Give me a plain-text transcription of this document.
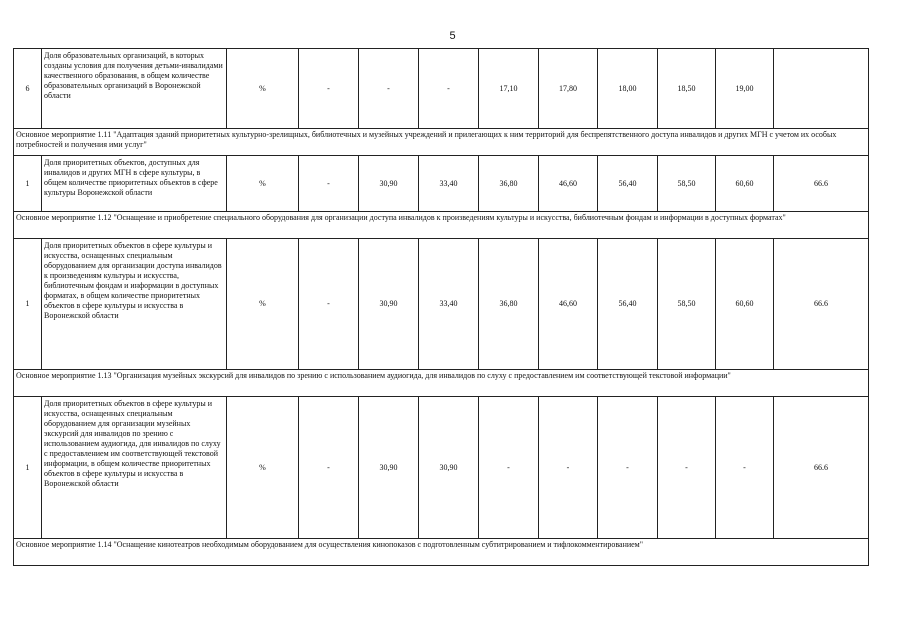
5
6	Доля образовательных организаций, в которых созданы условия для получения детьми-инвалидами качественного образования, в общем количестве образовательных организаций в Воронежской области	%	-	-	-	17,10	17,80	18,00	18,50	19,00	
Основное мероприятие 1.11 "Адаптация зданий приоритетных культурно-зрелищных, библиотечных и музейных учреждений и прилегающих к ним территорий для беспрепятственного доступа инвалидов и других МГН с учетом их особых потребностей и получения ими услуг"											
1	Доля приоритетных объектов, доступных для инвалидов и других МГН в сфере культуры, в общем количестве приоритетных объектов в сфере культуры Воронежской области	%	-	30,90	33,40	36,80	46,60	56,40	58,50	60,60	66.6
Основное мероприятие 1.12 "Оснащение и приобретение специального оборудования для организации доступа инвалидов к произведениям культуры и искусства, библиотечным фондам и информации в доступных форматах"											
1	Доля приоритетных объектов в сфере культуры и искусства, оснащенных специальным оборудованием для организации доступа инвалидов к произведениям культуры и искусства, библиотечным фондам и информации в доступных форматах, в общем количестве приоритетных объектов в сфере культуры и искусства в Воронежской области	%	-	30,90	33,40	36,80	46,60	56,40	58,50	60,60	66.6
Основное мероприятие 1.13 "Организация музейных экскурсий для инвалидов по зрению с использованием аудиогида, для инвалидов по слуху с предоставлением им соответствующей текстовой информации"											
1	Доля приоритетных объектов в сфере культуры и искусства, оснащенных специальным оборудованием для организации музейных экскурсий для инвалидов по зрению с использованием аудиогида, для инвалидов по слуху с предоставлением им соответствующей текстовой информации, в общем количестве приоритетных объектов в сфере культуры и искусства в Воронежской области	%	-	30,90	30,90	-	-	-	-	-	66.6
Основное мероприятие 1.14 "Оснащение кинотеатров необходимым оборудованием для осуществления кинопоказов с подготовленным субтитрированием и тифлокомментированием"											
